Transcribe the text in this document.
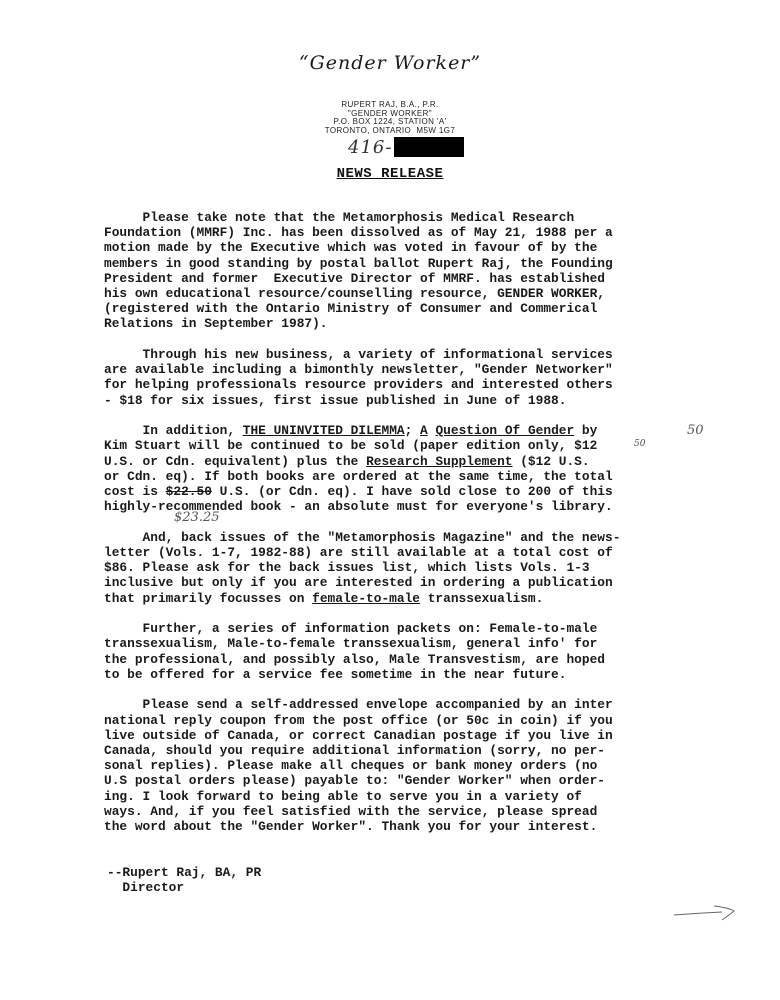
“Gender Worker”
RUPERT RAJ, B.A., P.R.
"GENDER WORKER"
P.O. BOX 1224, STATION 'A'
TORONTO, ONTARIO  M5W 1G7
416-
NEWS RELEASE
Please take note that the Metamorphosis Medical Research
Foundation (MMRF) Inc. has been dissolved as of May 21, 1988 per a
motion made by the Executive which was voted in favour of by the
members in good standing by postal ballot Rupert Raj, the Founding
President and former  Executive Director of MMRF. has established
his own educational resource/counselling resource, GENDER WORKER,
(registered with the Ontario Ministry of Consumer and Commerical
Relations in September 1987).
Through his new business, a variety of informational services
are available including a bimonthly newsletter, "Gender Networker"
for helping professionals resource providers and interested others
- $18 for six issues, first issue published in June of 1988.
In addition, THE UNINVITED DILEMMA; A Question Of Gender by
Kim Stuart will be continued to be sold (paper edition only, $12
U.S. or Cdn. equivalent) plus the Research Supplement ($12 U.S.
or Cdn. eq). If both books are ordered at the same time, the total
cost is $22.50 U.S. (or Cdn. eq). I have sold close to 200 of this
highly-recommended book - an absolute must for everyone's library.
And, back issues of the "Metamorphosis Magazine" and the news-
letter (Vols. 1-7, 1982-88) are still available at a total cost of
$86. Please ask for the back issues list, which lists Vols. 1-3
inclusive but only if you are interested in ordering a publication
that primarily focusses on female-to-male transsexualism.
Further, a series of information packets on: Female-to-male
transsexualism, Male-to-female transsexualism, general info' for
the professional, and possibly also, Male Transvestism, are hoped
to be offered for a service fee sometime in the near future.
Please send a self-addressed envelope accompanied by an inter
national reply coupon from the post office (or 50c in coin) if you
live outside of Canada, or correct Canadian postage if you live in
Canada, should you require additional information (sorry, no per-
sonal replies). Please make all cheques or bank money orders (no
U.S postal orders please) payable to: "Gender Worker" when order-
ing. I look forward to being able to serve you in a variety of
ways. And, if you feel satisfied with the service, please spread
the word about the "Gender Worker". Thank you for your interest.
50
50
$23.25
--Rupert Raj, BA, PR
Director
